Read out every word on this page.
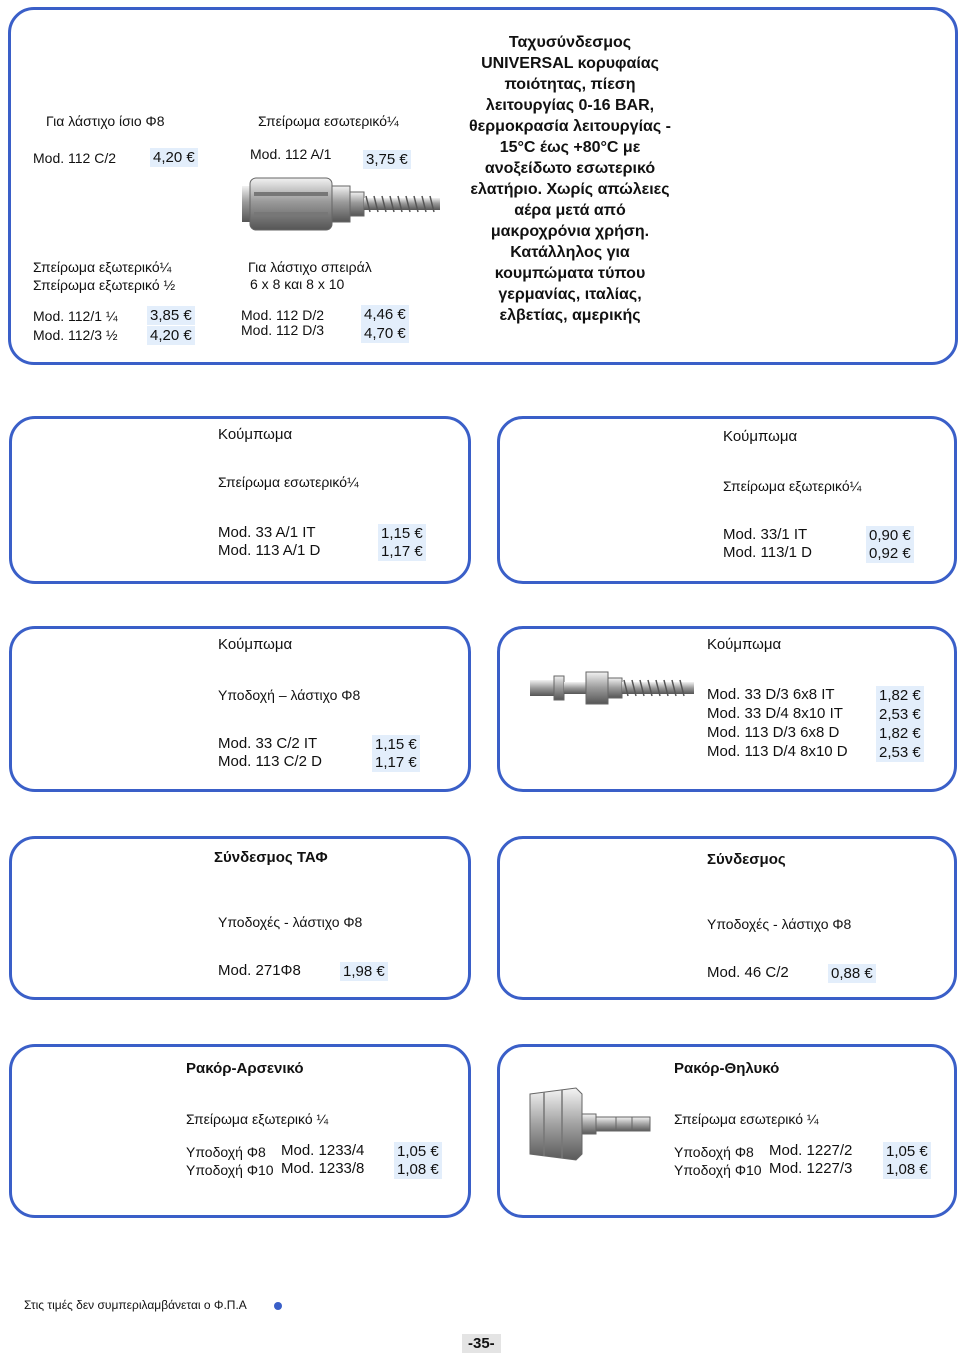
Για λάστιχο ίσιο Φ8
Mod. 112 C/2 4,20 €
Σπείρωμα εξωτερικό¼
Σπείρωμα εξωτερικό ½
Mod. 112/1 ¼ 3,85 €
Mod. 112/3 ½ 4,20 €
Σπείρωμα εσωτερικό¼
Mod. 112 A/1 3,75 €
Για λάστιχο σπειράλ
6 x 8 και 8 x 10
Mod. 112 D/2	4,46 €
Mod. 112 D/3	4,70 €
Ταχυσύνδεσμος
UNIVERSAL κορυφαίας
ποιότητας, πίεση
λειτουργίας 0-16 BAR,
θερμοκρασία λειτουργίας -
15°C έως +80°C με
ανοξείδωτο εσωτερικό
ελατήριο. Χωρίς απώλειες
αέρα μετά από
μακροχρόνια χρήση.
Κατάλληλος για
κουμπώματα τύπου
γερμανίας, ιταλίας,
ελβετίας, αμερικής
Κούμπωμα
Σπείρωμα εσωτερικό¼
Mod. 33 A/1 IT	1,15 €
Mod. 113 A/1 D	1,17 €
Κούμπωμα
Σπείρωμα εξωτερικό¼
Mod. 33/1 IT	0,90 €
Mod. 113/1 D	0,92 €
Κούμπωμα
Υποδοχή – λάστιχο Φ8
Mod. 33 C/2 IT	1,15 €
Mod. 113 C/2 D	1,17 €
Κούμπωμα
Mod. 33 D/3 6x8 IT	1,82 €
Mod. 33 D/4 8x10 IT 2,53 €
Mod. 113 D/3 6x8 D	1,82 €
Mod. 113 D/4 8x10 D 2,53 €
Σύνδεσμος ΤΑΦ
Υποδοχές - λάστιχο Φ8
Mod. 271Φ8	1,98 €
Σύνδεσμος
Υποδοχές - λάστιχο Φ8
Mod. 46 C/2	0,88 €
Ρακόρ-Αρσενικό
Σπείρωμα εξωτερικό ¼
Υποδοχή Φ8 Mod. 1233/4 1,05 €
Υποδοχή Φ10 Mod. 1233/8 1,08 €
Ρακόρ-Θηλυκό
Σπείρωμα εσωτερικό ¼
Υποδοχή Φ8 Mod. 1227/2 1,05 €
Υποδοχή Φ10 Mod. 1227/3 1,08 €
Στις τιμές δεν συμπεριλαμβάνεται ο Φ.Π.Α
-35-
